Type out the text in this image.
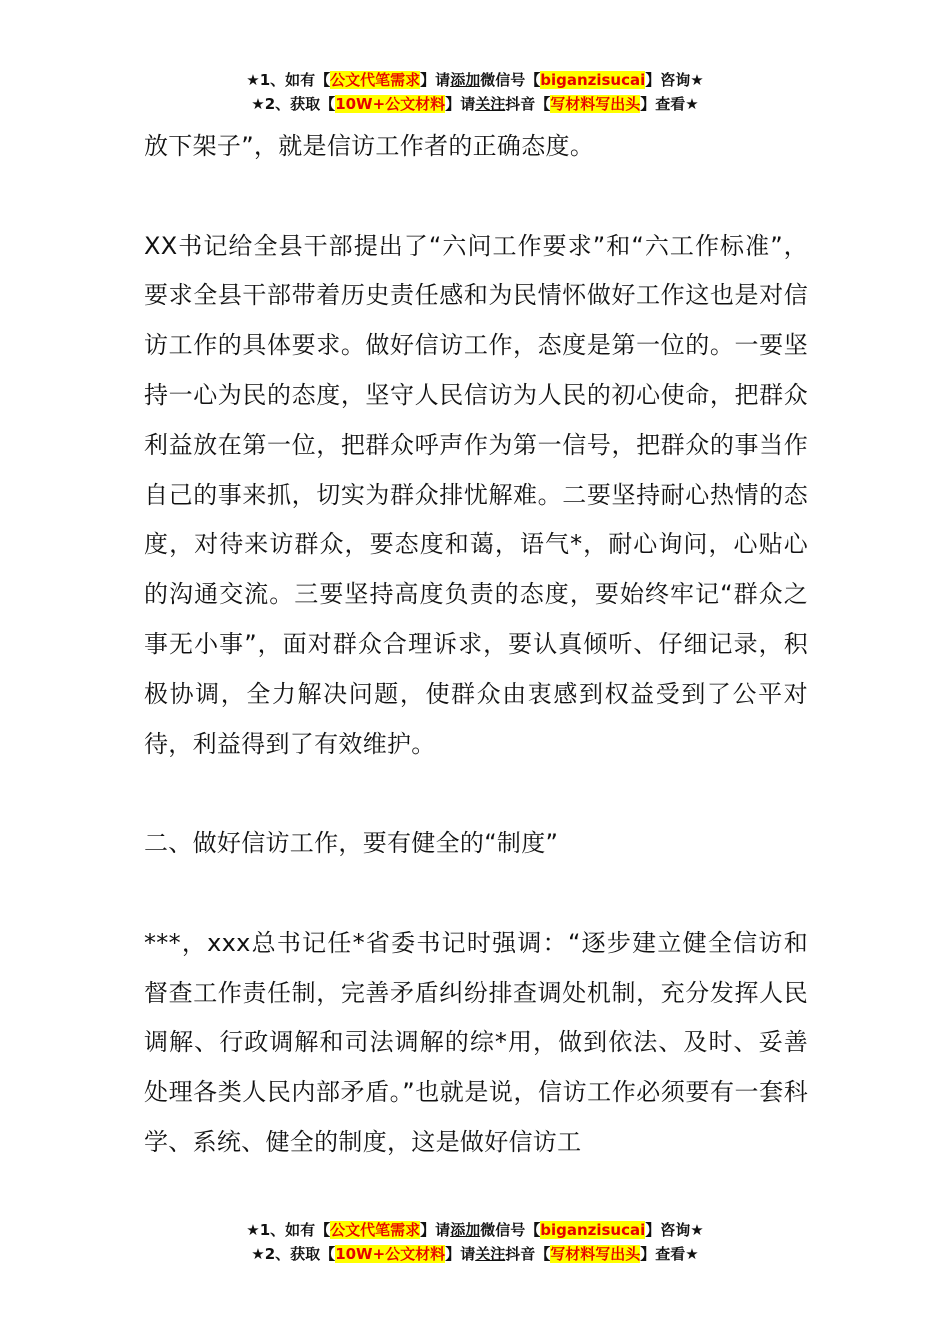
★1、如有【公文代笔需求】请添加微信号【biganzisucai】咨询★
★2、获取【10W+公文材料】请关注抖音【写材料写出头】查看★

放下架子”，就是信访工作者的正确态度。

XX书记给全县干部提出了“六问工作要求”和“六工作标准”，要求全县干部带着历史责任感和为民情怀做好工作这也是对信访工作的具体要求。做好信访工作，态度是第一位的。一要坚持一心为民的态度，坚守人民信访为人民的初心使命，把群众利益放在第一位，把群众呼声作为第一信号，把群众的事当作自己的事来抓，切实为群众排忧解难。二要坚持耐心热情的态度，对待来访群众，要态度和蔼，语气*，耐心询问，心贴心的沟通交流。三要坚持高度负责的态度，要始终牢记“群众之事无小事”，面对群众合理诉求，要认真倾听、仔细记录，积极协调，全力解决问题，使群众由衷感到权益受到了公平对待，利益得到了有效维护。

二、做好信访工作，要有健全的“制度”

***，xxx总书记任*省委书记时强调：“逐步建立健全信访和督查工作责任制，完善矛盾纠纷排查调处机制，充分发挥人民调解、行政调解和司法调解的综*用，做到依法、及时、妥善处理各类人民内部矛盾。”也就是说，信访工作必须要有一套科学、系统、健全的制度，这是做好信访工

★1、如有【公文代笔需求】请添加微信号【biganzisucai】咨询★
★2、获取【10W+公文材料】请关注抖音【写材料写出头】查看★
